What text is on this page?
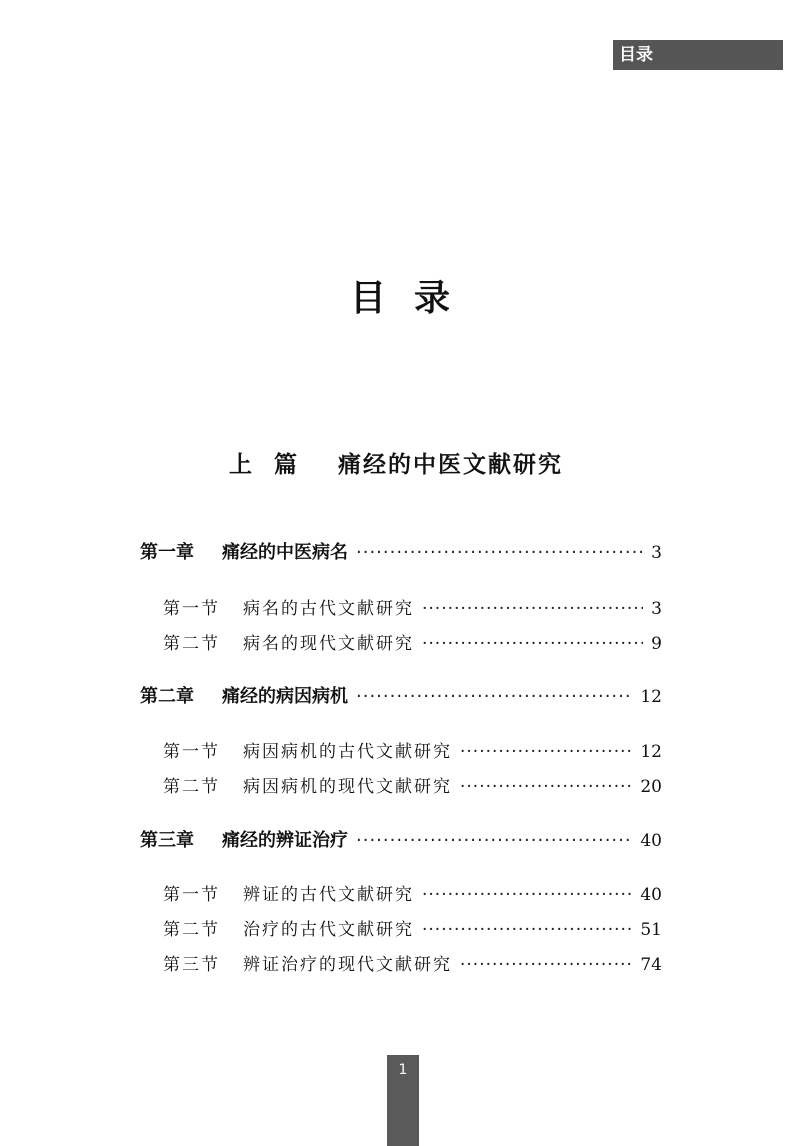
目录
目录
上 篇 痛经的中医文献研究
第一章	痛经的中医病名 ·····	3
第一节	病名的古代文献研究 ·····	3
第二节	病名的现代文献研究 ·····	9
第二章	痛经的病因病机 ·····	12
第一节	病因病机的古代文献研究 ·····	12
第二节	病因病机的现代文献研究 ·····	20
第三章	痛经的辨证治疗 ·····	40
第一节	辨证的古代文献研究 ·····	40
第二节	治疗的古代文献研究 ·····	51
第三节	辨证治疗的现代文献研究 ·····	74
1
